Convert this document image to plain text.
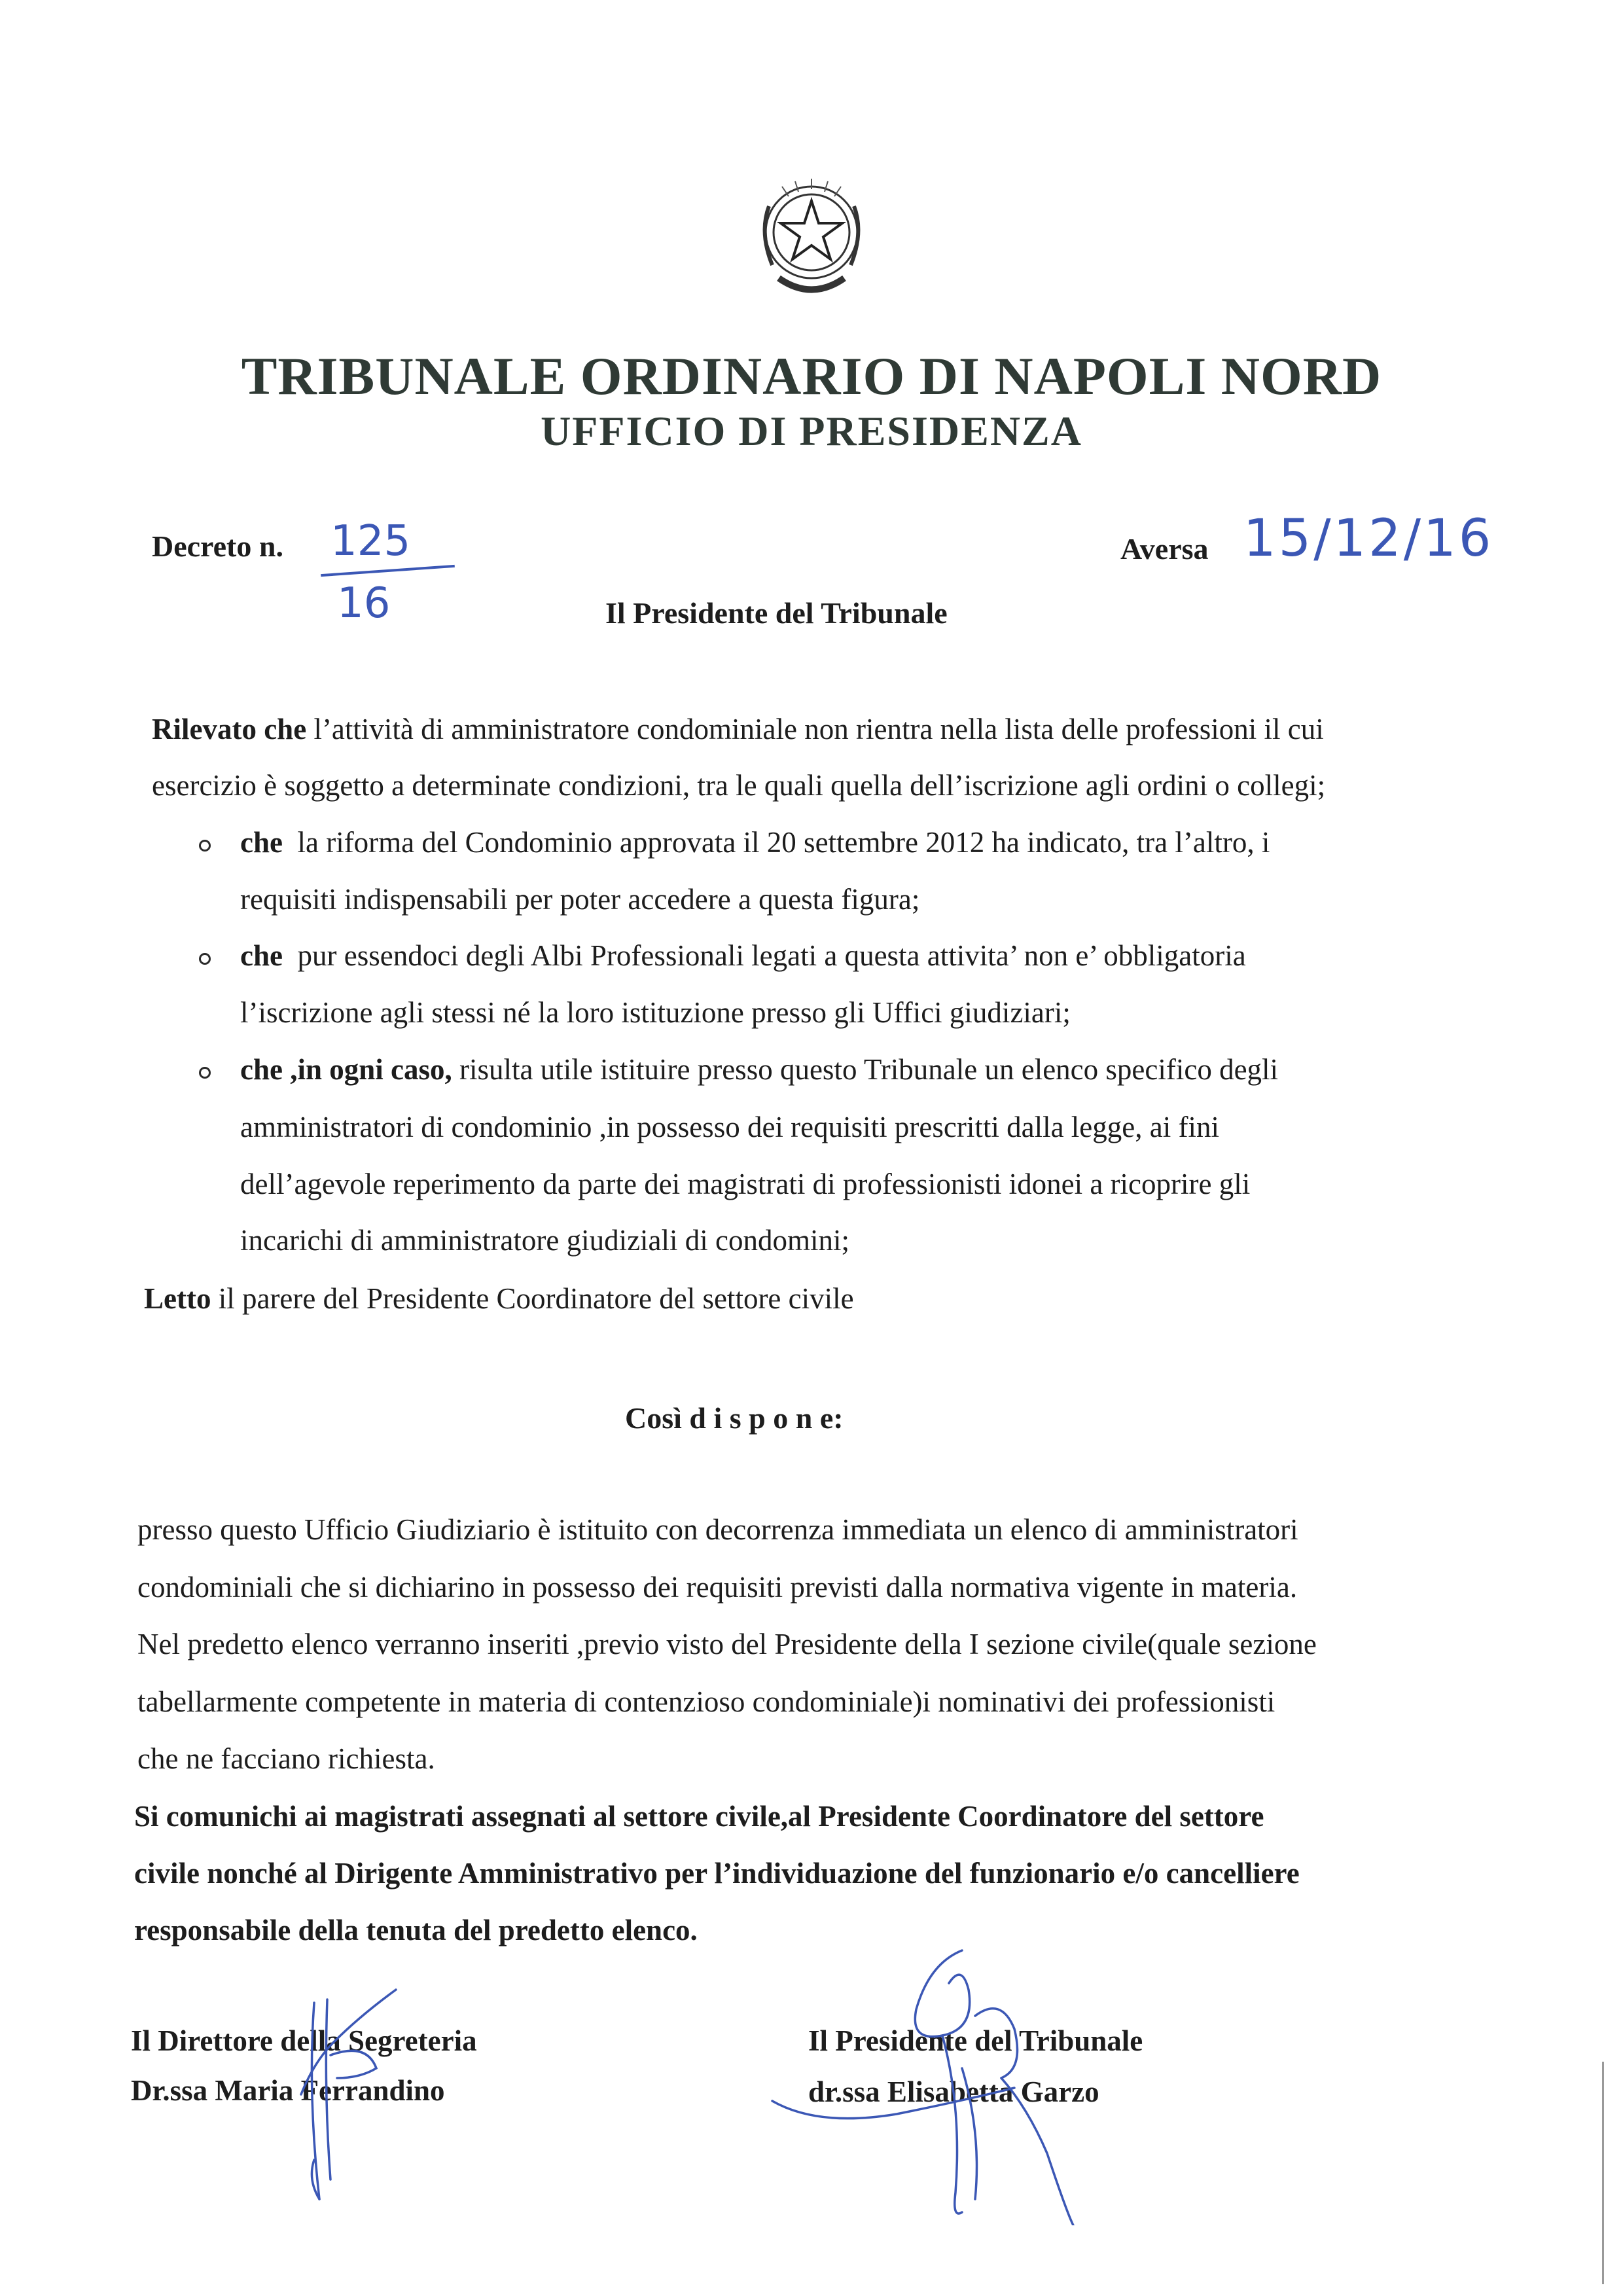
TRIBUNALE ORDINARIO DI NAPOLI NORD
UFFICIO DI PRESIDENZA
Decreto n. 125
16
Aversa 15/12/16
Il Presidente del Tribunale
Rilevato che l’attività di amministratore condominiale non rientra nella lista delle professioni il cui
esercizio è soggetto a determinate condizioni, tra le quali quella dell’iscrizione agli ordini o collegi;
che la riforma del Condominio approvata il 20 settembre 2012 ha indicato, tra l’altro, i
requisiti indispensabili per poter accedere a questa figura;
che pur essendoci degli Albi Professionali legati a questa attivita’ non e’ obbligatoria
l’iscrizione agli stessi né la loro istituzione presso gli Uffici giudiziari;
che ,in ogni caso, risulta utile istituire presso questo Tribunale un elenco specifico degli
amministratori di condominio ,in possesso dei requisiti prescritti dalla legge, ai fini
dell’agevole reperimento da parte dei magistrati di professionisti idonei a ricoprire gli
incarichi di amministratore giudiziali di condomini;
Letto il parere del Presidente Coordinatore del settore civile
Così d i s p o n e:
presso questo Ufficio Giudiziario è istituito con decorrenza immediata un elenco di amministratori
condominiali che si dichiarino in possesso dei requisiti previsti dalla normativa vigente in materia.
Nel predetto elenco verranno inseriti ,previo visto del Presidente della I sezione civile(quale sezione
tabellarmente competente in materia di contenzioso condominiale)i nominativi dei professionisti
che ne facciano richiesta.
Si comunichi ai magistrati assegnati al settore civile,al Presidente Coordinatore del settore
civile nonché al Dirigente Amministrativo per l’individuazione del funzionario e/o cancelliere
responsabile della tenuta del predetto elenco.
Il Direttore della Segreteria
Dr.ssa Maria Ferrandino
Il Presidente del Tribunale
dr.ssa Elisabetta Garzo
